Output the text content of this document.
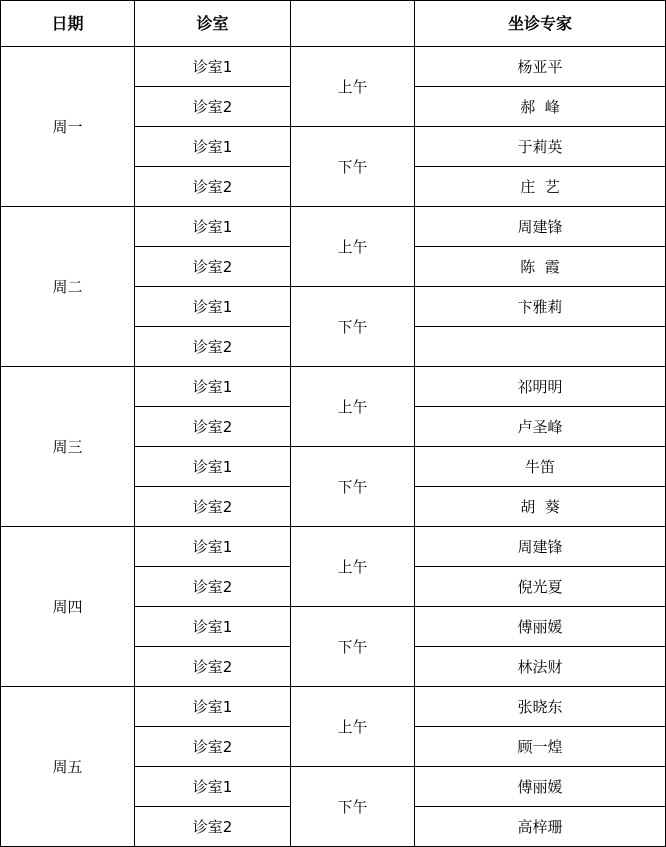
日期	诊室		坐诊专家
周一	诊室1	上午	杨亚平
	诊室2		郝  峰
	诊室1	下午	于莉英
	诊室2		庄  艺
周二	诊室1	上午	周建锋
	诊室2		陈  霞
	诊室1	下午	卞雅莉
	诊室2		
周三	诊室1	上午	祁明明
	诊室2		卢圣峰
	诊室1	下午	牛笛
	诊室2		胡  葵
周四	诊室1	上午	周建锋
	诊室2		倪光夏
	诊室1	下午	傅丽媛
	诊室2		林法财
周五	诊室1	上午	张晓东
	诊室2		顾一煌
	诊室1	下午	傅丽媛
	诊室2		高梓珊
